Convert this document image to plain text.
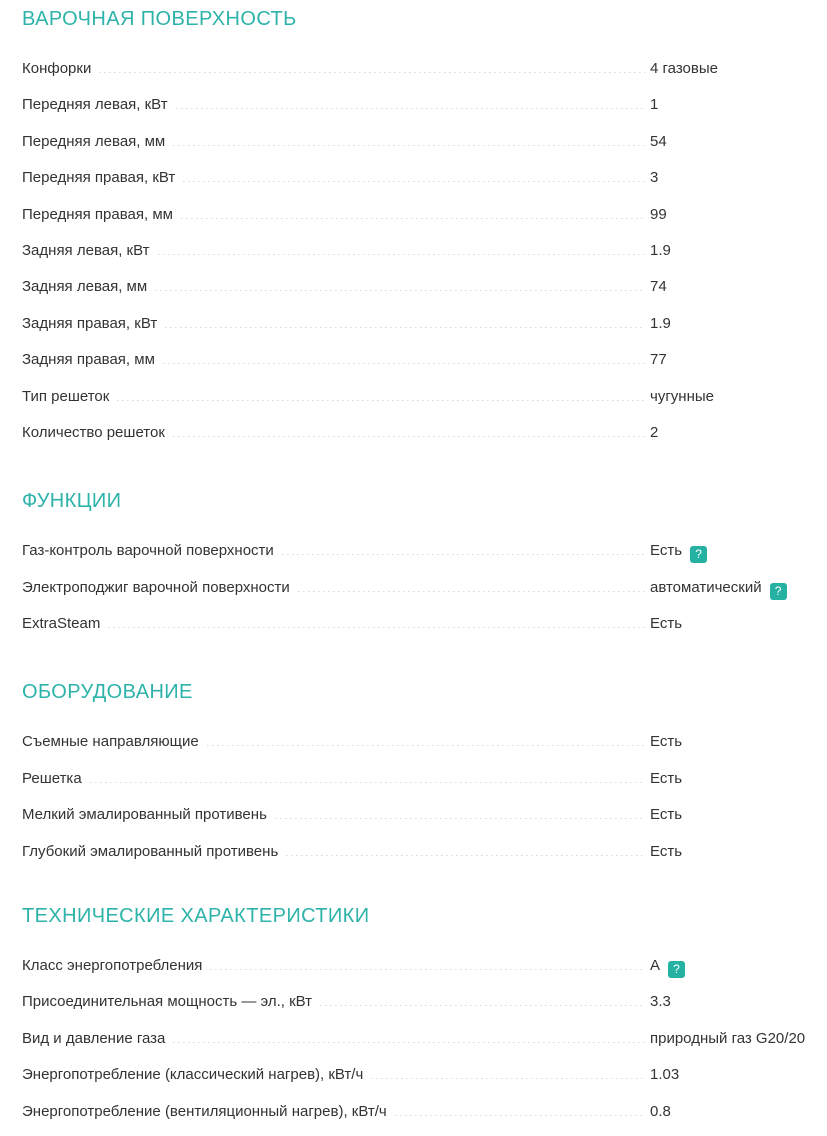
ВАРОЧНАЯ ПОВЕРХНОСТЬ
Конфорки	4 газовые
Передняя левая, кВт	1
Передняя левая, мм	54
Передняя правая, кВт	3
Передняя правая, мм	99
Задняя левая, кВт	1.9
Задняя левая, мм	74
Задняя правая, кВт	1.9
Задняя правая, мм	77
Тип решеток	чугунные
Количество решеток	2
ФУНКЦИИ
Газ-контроль варочной поверхности	Есть ?
Электроподжиг варочной поверхности	автоматический ?
ExtraSteam	Есть
ОБОРУДОВАНИЕ
Съемные направляющие	Есть
Решетка	Есть
Мелкий эмалированный противень	Есть
Глубокий эмалированный противень	Есть
ТЕХНИЧЕСКИЕ ХАРАКТЕРИСТИКИ
Класс энергопотребления	A ?
Присоединительная мощность — эл., кВт	3.3
Вид и давление газа	природный газ G20/20
Энергопотребление (классический нагрев), кВт/ч	1.03
Энергопотребление (вентиляционный нагрев), кВт/ч	0.8
